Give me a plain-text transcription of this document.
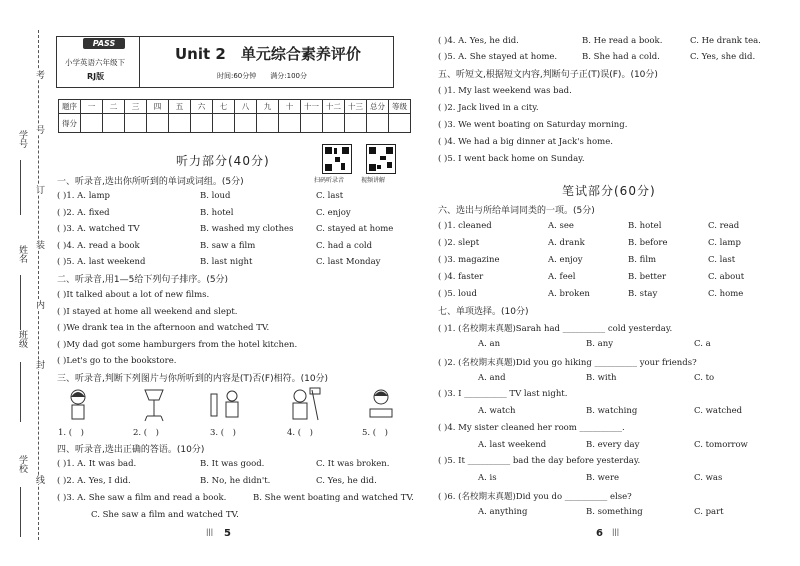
考
号
订
装
内
封
线
学号
姓名
班级
学校
PASS
小学英语六年级下
RJ版
Unit 2　单元综合素养评价
时间:60分钟　　满分:100分
题序	一	二	三	四	五	六	七	八	九	十	十一	十二	十三	总分	等级
得分															
听力部分(40分)
扫码听录音	视频讲解
一、听录音,选出你所听到的单词或词组。(5分)
( )1. A. lamp	B. loud	C. last
( )2. A. fixed	B. hotel	C. enjoy
( )3. A. watched TV	B. washed my clothes	C. stayed at home
( )4. A. read a book	B. saw a film	C. had a cold
( )5. A. last weekend	B. last night	C. last Monday
二、听录音,用1—5给下列句子排序。(5分)
( )It talked about a lot of new films.
( )I stayed at home all weekend and slept.
( )We drank tea in the afternoon and watched TV.
( )My dad got some hamburgers from the hotel kitchen.
( )Let's go to the bookstore.
三、听录音,判断下列图片与你所听到的内容是(T)否(F)相符。(10分)
1. (　)	2. (　)	3. (　)	4. (　)	5. (　)
四、听录音,选出正确的答语。(10分)
( )1. A. It was bad.	B. It was good.	C. It was broken.
( )2. A. Yes, I did.	B. No, he didn't.	C. Yes, he did.
( )3. A. She saw a film and read a book.	B. She went boating and watched TV.
C. She saw a film and watched TV.
||| 5
( )4. A. Yes, he did.	B. He read a book.	C. He drank tea.
( )5. A. She stayed at home.	B. She had a cold.	C. Yes, she did.
五、听短文,根据短文内容,判断句子正(T)误(F)。(10分)
( )1. My last weekend was bad.
( )2. Jack lived in a city.
( )3. We went boating on Saturday morning.
( )4. We had a big dinner at Jack's home.
( )5. I went back home on Sunday.
笔试部分(60分)
六、选出与所给单词同类的一项。(5分)
( )1. cleaned	A. see	B. hotel	C. read
( )2. slept	A. drank	B. before	C. lamp
( )3. magazine	A. enjoy	B. film	C. last
( )4. faster	A. feel	B. better	C. about
( )5. loud	A. broken	B. stay	C. home
七、单项选择。(10分)
( )1. (名校期末真题)Sarah had __________ cold yesterday.
A. an	B. any	C. a
( )2. (名校期末真题)Did you go hiking __________ your friends?
A. and	B. with	C. to
( )3. I __________ TV last night.
A. watch	B. watching	C. watched
( )4. My sister cleaned her room __________.
A. last weekend	B. every day	C. tomorrow
( )5. It __________ bad the day before yesterday.
A. is	B. were	C. was
( )6. (名校期末真题)Did you do __________ else?
A. anything	B. something	C. part
6 |||
